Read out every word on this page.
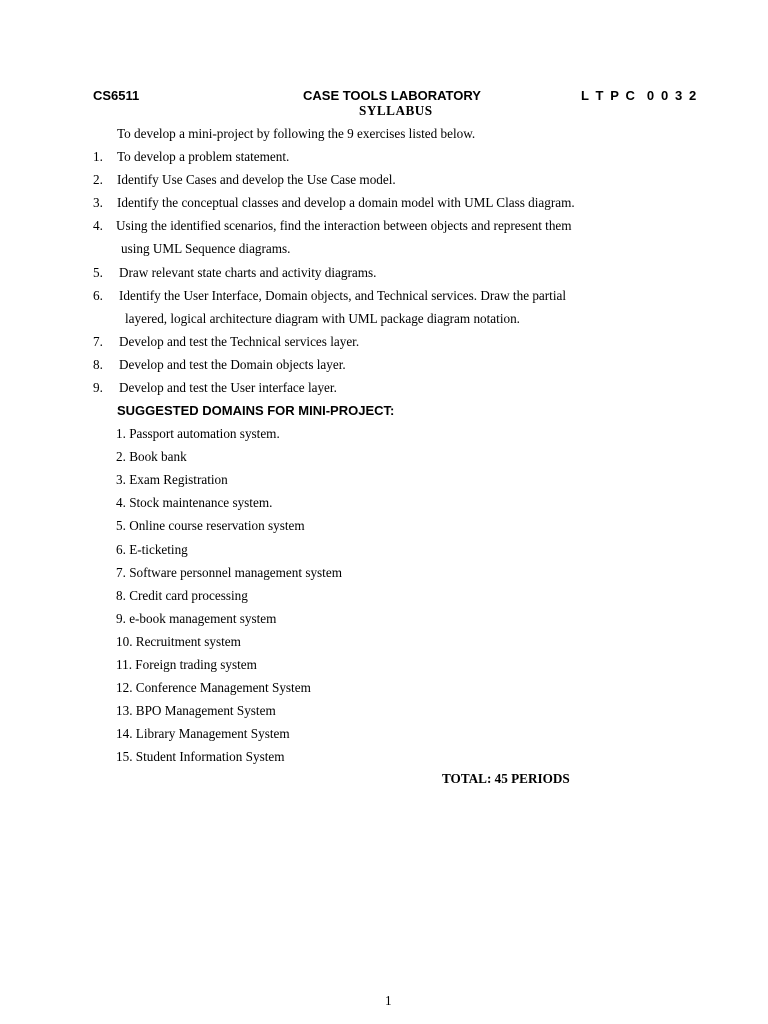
CS6511	CASE TOOLS LABORATORY	L T P C  0 0 3 2
SYLLABUS
To develop a mini-project by following the 9 exercises listed below.
1. To develop a problem statement.
2. Identify Use Cases and develop the Use Case model.
3. Identify the conceptual classes and develop a domain model with UML Class diagram.
4. Using the identified scenarios, find the interaction between objects and represent them
using UML Sequence diagrams.
5. Draw relevant state charts and activity diagrams.
6. Identify the User Interface, Domain objects, and Technical services. Draw the partial
layered, logical architecture diagram with UML package diagram notation.
7. Develop and test the Technical services layer.
8. Develop and test the Domain objects layer.
9. Develop and test the User interface layer.
SUGGESTED DOMAINS FOR MINI-PROJECT:
1. Passport automation system.
2. Book bank
3. Exam Registration
4. Stock maintenance system.
5. Online course reservation system
6. E-ticketing
7. Software personnel management system
8. Credit card processing
9. e-book management system
10. Recruitment system
11. Foreign trading system
12. Conference Management System
13. BPO Management System
14. Library Management System
15. Student Information System
TOTAL: 45 PERIODS
1
